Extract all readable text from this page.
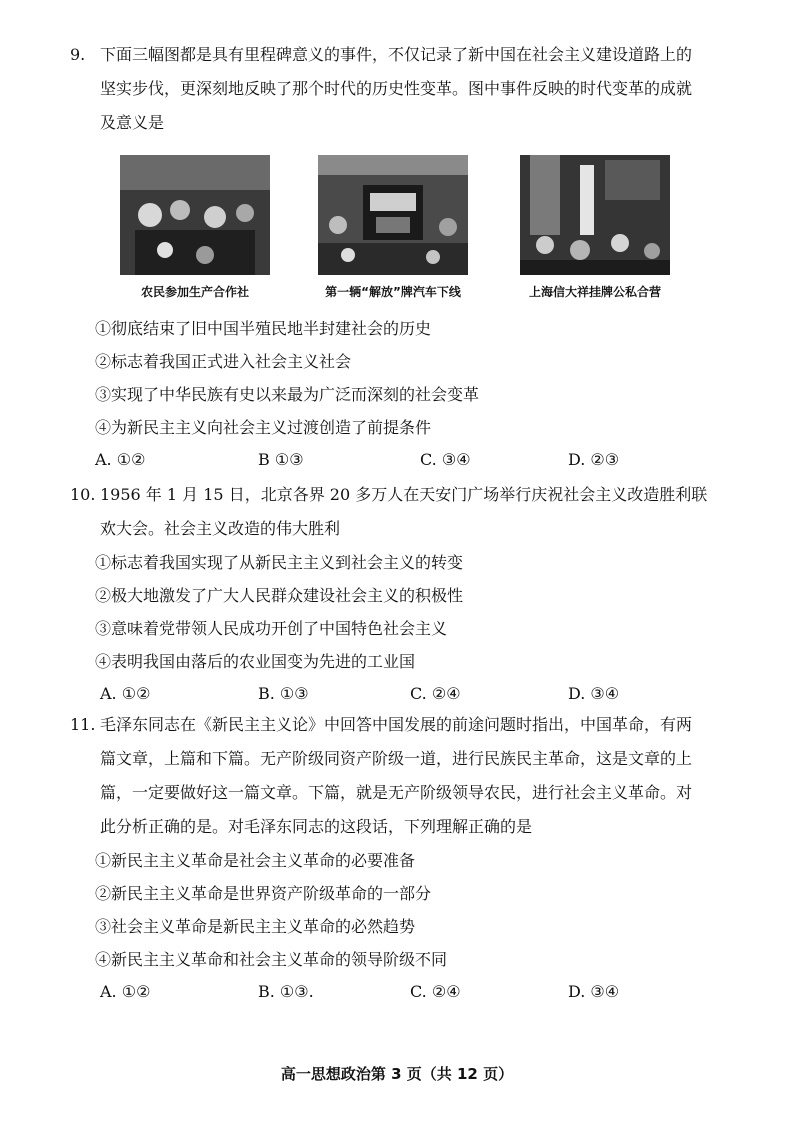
9. 下面三幅图都是具有里程碑意义的事件，不仅记录了新中国在社会主义建设道路上的
坚实步伐，更深刻地反映了那个时代的历史性变革。图中事件反映的时代变革的成就
及意义是
农民参加生产合作社	第一辆“解放”牌汽车下线	上海信大祥挂牌公私合营
①彻底结束了旧中国半殖民地半封建社会的历史
②标志着我国正式进入社会主义社会
③实现了中华民族有史以来最为广泛而深刻的社会变革
④为新民主主义向社会主义过渡创造了前提条件
A. ①②	B ①③	C. ③④	D. ②③
10. 1956 年 1 月 15 日，北京各界 20 多万人在天安门广场举行庆祝社会主义改造胜利联
欢大会。社会主义改造的伟大胜利
①标志着我国实现了从新民主主义到社会主义的转变
②极大地激发了广大人民群众建设社会主义的积极性
③意味着党带领人民成功开创了中国特色社会主义
④表明我国由落后的农业国变为先进的工业国
A. ①②	B. ①③	C. ②④	D. ③④
11. 毛泽东同志在《新民主主义论》中回答中国发展的前途问题时指出，中国革命，有两
篇文章，上篇和下篇。无产阶级同资产阶级一道，进行民族民主革命，这是文章的上
篇，一定要做好这一篇文章。下篇，就是无产阶级领导农民，进行社会主义革命。对
此分析正确的是。对毛泽东同志的这段话，下列理解正确的是
①新民主主义革命是社会主义革命的必要准备
②新民主主义革命是世界资产阶级革命的一部分
③社会主义革命是新民主主义革命的必然趋势
④新民主主义革命和社会主义革命的领导阶级不同
A. ①②	B. ①③.	C. ②④	D. ③④
高一思想政治第 3 页（共 12 页）
